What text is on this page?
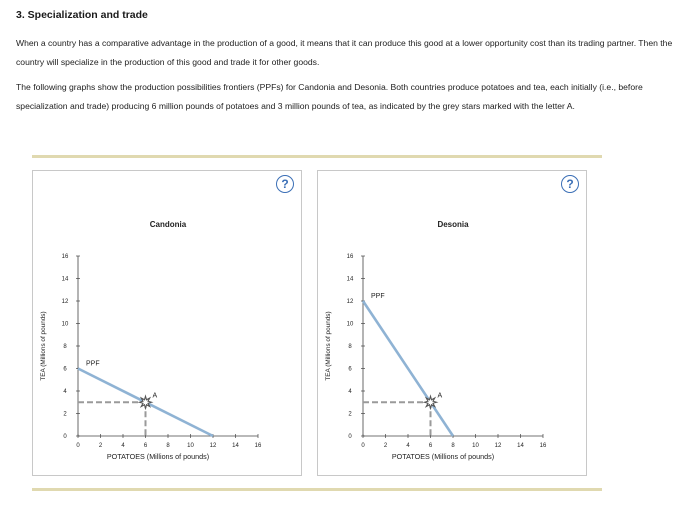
3. Specialization and trade
When a country has a comparative advantage in the production of a good, it means that it can produce this good at a lower opportunity cost than its trading partner. Then the country will specialize in the production of this good and trade it for other goods.
The following graphs show the production possibilities frontiers (PPFs) for Candonia and Desonia. Both countries produce potatoes and tea, each initially (i.e., before specialization and trade) producing 6 million pounds of potatoes and 3 million pounds of tea, as indicated by the grey stars marked with the letter A.
?
Candonia
0	2	4	6	8	10	12	14	16
0
2
4
6
8
10
12
14
16
POTATOES (Millions of pounds)
TEA (Millions of pounds)	PPF
A
?
Desonia
0	2	4	6	8	10	12	14	16
0
2
4
6
8
10
12
14
16
POTATOES (Millions of pounds)
TEA (Millions of pounds)
PPF
A
